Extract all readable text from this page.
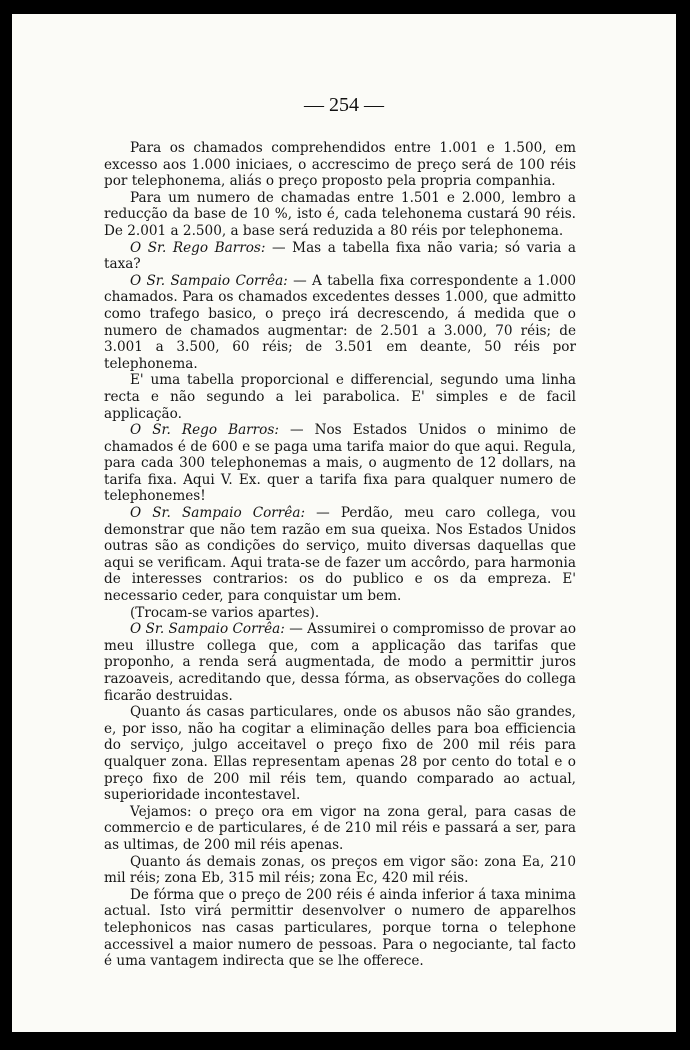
— 254 —

Para os chamados comprehendidos entre 1.001 e 1.500, em excesso aos 1.000 iniciaes, o accrescimo de preço será de 100 réis por telephonema, aliás o preço proposto pela propria companhia.

Para um numero de chamadas entre 1.501 e 2.000, lembro a reducção da base de 10 %, isto é, cada telehonema custará 90 réis. De 2.001 a 2.500, a base será reduzida a 80 réis por telephonema.

O Sr. Rego Barros: — Mas a tabella fixa não varia; só varia a taxa?

O Sr. Sampaio Corrêa: — A tabella fixa correspondente a 1.000 chamados. Para os chamados excedentes desses 1.000, que admitto como trafego basico, o preço irá decrescendo, á medida que o numero de chamados augmentar: de 2.501 a 3.000, 70 réis; de 3.001 a 3.500, 60 réis; de 3.501 em deante, 50 réis por telephonema.

E' uma tabella proporcional e differencial, segundo uma linha recta e não segundo a lei parabolica. E' simples e de facil applicação.

O Sr. Rego Barros: — Nos Estados Unidos o minimo de chamados é de 600 e se paga uma tarifa maior do que aqui. Regula, para cada 300 telephonemas a mais, o augmento de 12 dollars, na tarifa fixa. Aqui V. Ex. quer a tarifa fixa para qualquer numero de telephonemes!

O Sr. Sampaio Corrêa: — Perdão, meu caro collega, vou demonstrar que não tem razão em sua queixa. Nos Estados Unidos outras são as condições do serviço, muito diversas daquellas que aqui se verificam. Aqui trata-se de fazer um accôrdo, para harmonia de interesses contrarios: os do publico e os da empreza. E' necessario ceder, para conquistar um bem.

(Trocam-se varios apartes).

O Sr. Sampaio Corrêa: — Assumirei o compromisso de provar ao meu illustre collega que, com a applicação das tarifas que proponho, a renda será augmentada, de modo a permittir juros razoaveis, acreditando que, dessa fórma, as observações do collega ficarão destruidas.

Quanto ás casas particulares, onde os abusos não são grandes, e, por isso, não ha cogitar a eliminação delles para boa efficiencia do serviço, julgo acceitavel o preço fixo de 200 mil réis para qualquer zona. Ellas representam apenas 28 por cento do total e o preço fixo de 200 mil réis tem, quando comparado ao actual, superioridade incontestavel.

Vejamos: o preço ora em vigor na zona geral, para casas de commercio e de particulares, é de 210 mil réis e passará a ser, para as ultimas, de 200 mil réis apenas.

Quanto ás demais zonas, os preços em vigor são: zona Ea, 210 mil réis; zona Eb, 315 mil réis; zona Ec, 420 mil réis.

De fórma que o preço de 200 réis é ainda inferior á taxa minima actual. Isto virá permittir desenvolver o numero de apparelhos telephonicos nas casas particulares, porque torna o telephone accessivel a maior numero de pessoas. Para o negociante, tal facto é uma vantagem indirecta que se lhe offerece.
